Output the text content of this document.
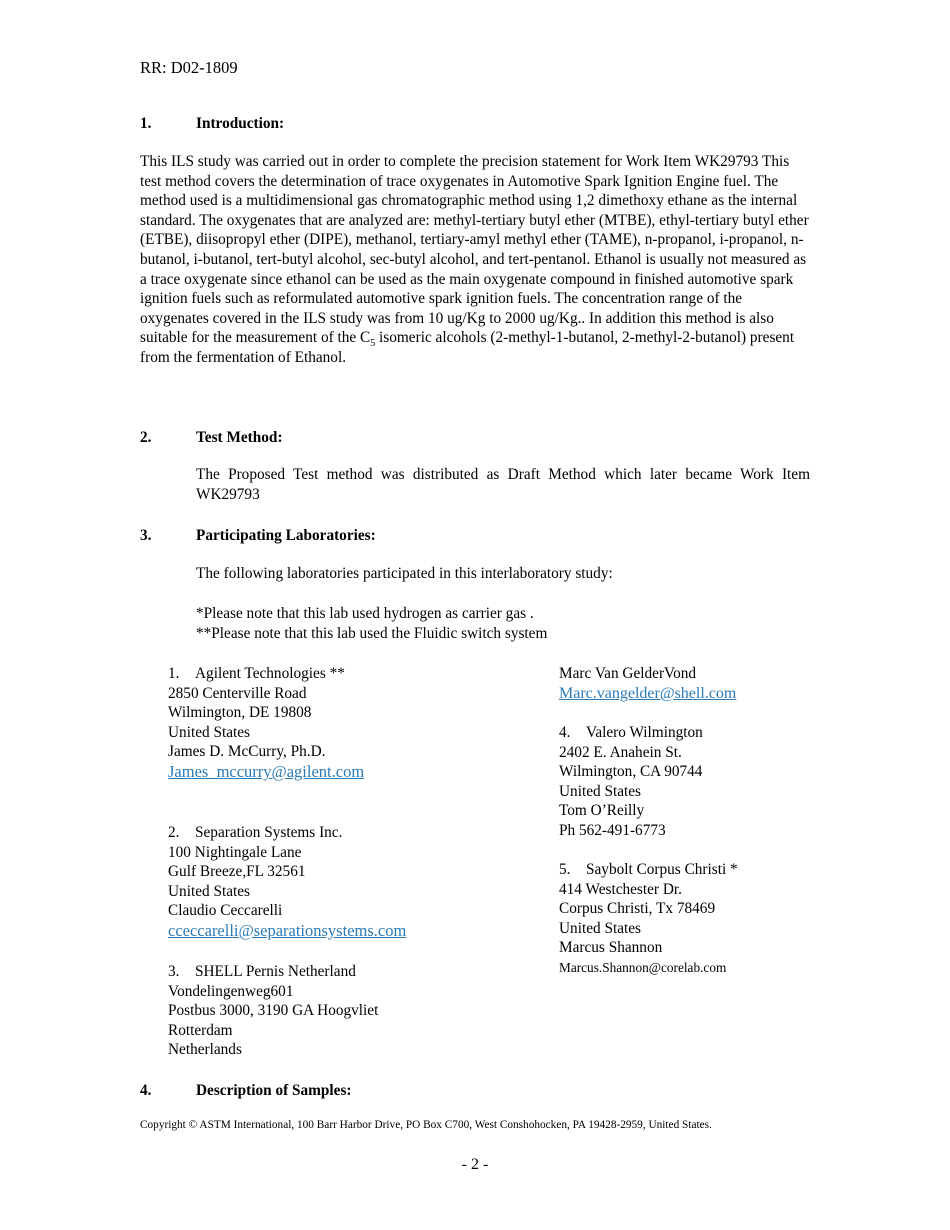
RR: D02-1809
1.	Introduction:
This ILS study was carried out in order to complete the precision statement for Work Item WK29793 This test method covers the determination of trace oxygenates in Automotive Spark Ignition Engine fuel. The method used is a multidimensional gas chromatographic method using 1,2 dimethoxy ethane as the internal standard. The oxygenates that are analyzed are: methyl-tertiary butyl ether (MTBE), ethyl-tertiary butyl ether (ETBE), diisopropyl ether (DIPE), methanol, tertiary-amyl methyl ether (TAME), n-propanol, i-propanol, n-butanol, i-butanol, tert-butyl alcohol, sec-butyl alcohol, and tert-pentanol. Ethanol is usually not measured as a trace oxygenate since ethanol can be used as the main oxygenate compound in finished automotive spark ignition fuels such as reformulated automotive spark ignition fuels. The concentration range of the oxygenates covered in the ILS study was from 10 ug/Kg to 2000 ug/Kg.. In addition this method is also suitable for the measurement of the $C_5$ isomeric alcohols (2-methyl-1-butanol, 2-methyl-2-butanol) present from the fermentation of Ethanol.
2.	Test Method:
The Proposed Test method was distributed as Draft Method which later became Work Item WK29793
3.	Participating Laboratories:
The following laboratories participated in this interlaboratory study:
*Please note that this lab used hydrogen as carrier gas .
**Please note that this lab used the Fluidic switch system
1. Agilent Technologies **
2850 Centerville Road
Wilmington, DE 19808
United States
James D. McCurry, Ph.D.
James_mccurry@agilent.com
2. Separation Systems Inc.
100 Nightingale Lane
Gulf Breeze,FL 32561
United States
Claudio Ceccarelli
cceccarelli@separationsystems.com
3. SHELL Pernis Netherland
Vondelingenweg601
Postbus 3000, 3190 GA Hoogvliet
Rotterdam
Netherlands
Marc Van GelderVond
Marc.vangelder@shell.com
4. Valero Wilmington
2402 E. Anahein St.
Wilmington, CA 90744
United States
Tom O’Reilly
Ph 562-491-6773
5. Saybolt Corpus Christi *
414 Westchester Dr.
Corpus Christi, Tx 78469
United States
Marcus Shannon
Marcus.Shannon@corelab.com
4.	Description of Samples:
Copyright © ASTM International, 100 Barr Harbor Drive, PO Box C700, West Conshohocken, PA 19428-2959, United States.
- 2 -
